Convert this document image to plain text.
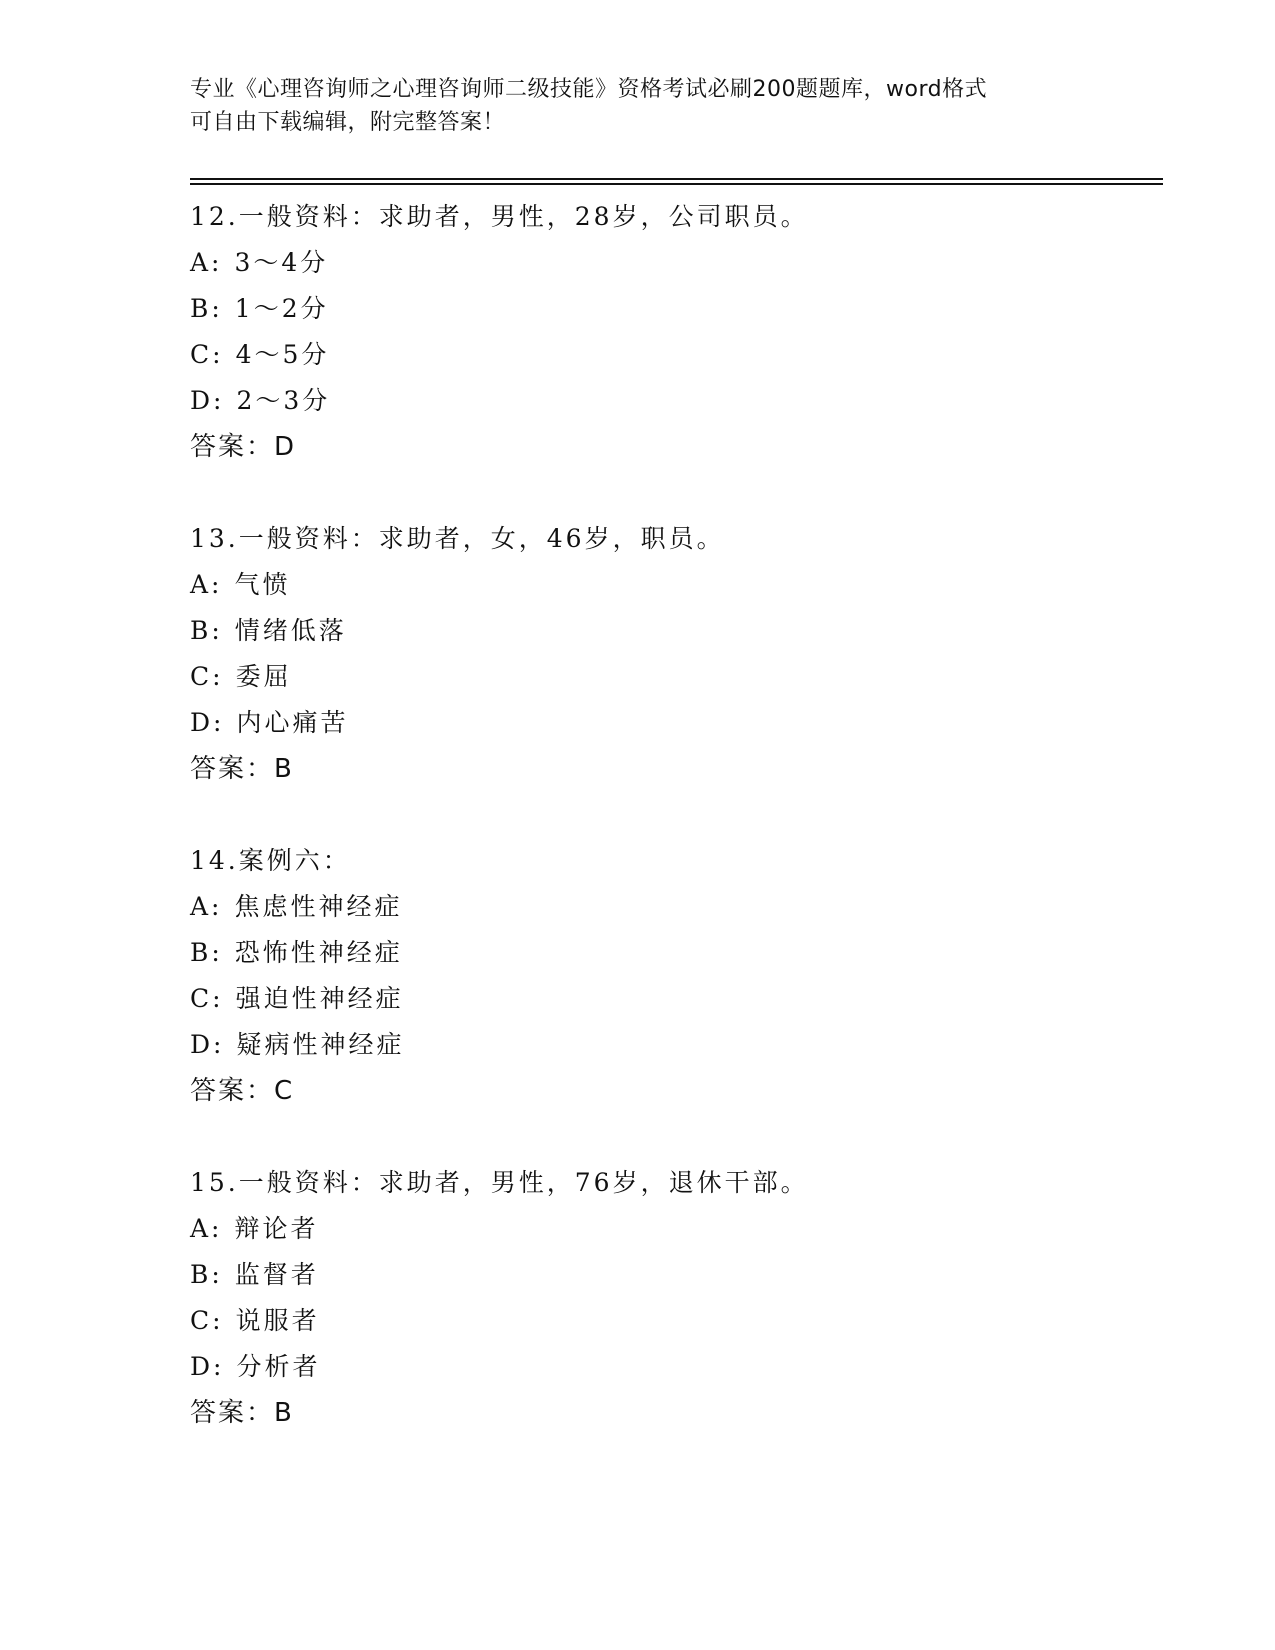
专业《心理咨询师之心理咨询师二级技能》资格考试必刷200题题库，word格式
可自由下载编辑，附完整答案！
12.一般资料：求助者，男性，28岁，公司职员。
A: 3～4分
B: 1～2分
C: 4～5分
D: 2～3分
答案：D
13.一般资料：求助者，女，46岁，职员。
A: 气愤
B: 情绪低落
C: 委屈
D: 内心痛苦
答案：B
14.案例六：
A: 焦虑性神经症
B: 恐怖性神经症
C: 强迫性神经症
D: 疑病性神经症
答案：C
15.一般资料：求助者，男性，76岁，退休干部。
A: 辩论者
B: 监督者
C: 说服者
D: 分析者
答案：B
